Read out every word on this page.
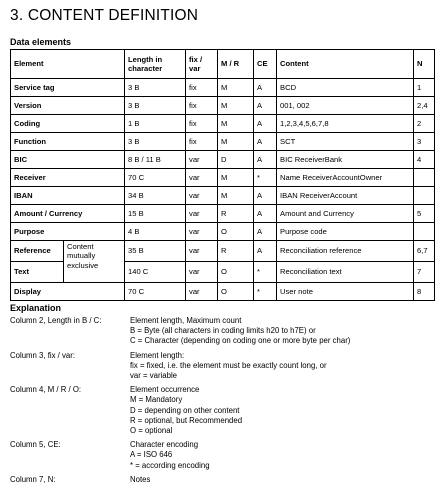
3. CONTENT DEFINITION
Data elements
Element		Length in character	fix / var	M / R	CE	Content	N
Service tag		3 B	fix	M	A	BCD	1
Version		3 B	fix	M	A	001, 002	2,4
Coding		1 B	fix	M	A	1,2,3,4,5,6,7,8	2
Function		3 B	fix	M	A	SCT	3
BIC		8 B / 11 B	var	D	A	BIC ReceiverBank	4
Receiver		70 C	var	M	*	Name ReceiverAccountOwner	
IBAN		34 B	var	M	A	IBAN ReceiverAccount	
Amount / Currency		15 B	var	R	A	Amount and Currency	5
Purpose		4 B	var	O	A	Purpose code	
Reference	Content mutually exclusive	35 B	var	R	A	Reconciliation reference	6,7
Text		140 C	var	O	*	Reconciliation text	7
Display		70 C	var	O	*	User note	8
Explanation
Column 2, Length in B / C:	Element length, Maximum count
B = Byte (all characters in coding limits h20 to h7E) or
C = Character (depending on coding one or more byte per char)
Column 3, fix / var:	Element length:
fix = fixed, i.e. the element must be exactly count long, or
var = variable
Column 4, M / R / O:	Element occurrence
M = Mandatory
D = depending on other content
R = optional, but Recommended
O = optional
Column 5, CE:	Character encoding
A = ISO 646
* = according encoding
Column 7, N:	Notes
